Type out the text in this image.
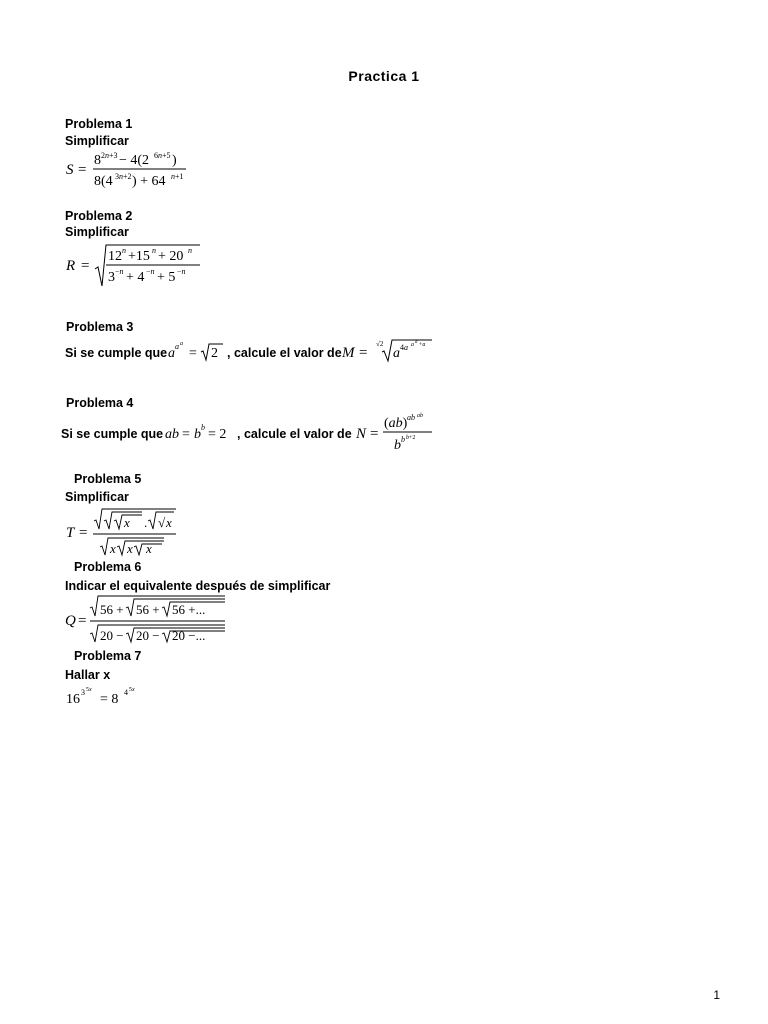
Practica 1
Problema 1
Simplificar
S =
8 2n+3 − 4(2 6n+5 )
8(4 3n+2 ) + 64 n+1
Problema 2
Simplificar
R =
12 n +15 n + 20 n
3 −n + 4 −n + 5 −n
Problema 3
Si se cumple que a a a
= 2 , calcule el valor de M =
√2
a 4a a a +a
Problema 4
Si se cumple que ab = b b = 2 , calcule el valor de N =
(ab) ab ab
b b b+2
Problema 5
Simplificar
T =
x . √ x
x x x
Problema 6
Indicar el equivalente después de simplificar
Q =
56 + 56 + 56 +...
20 − 20 − 20 −...
Problema 7
Hallar x
16 3 5x
= 8 4 5x
1
